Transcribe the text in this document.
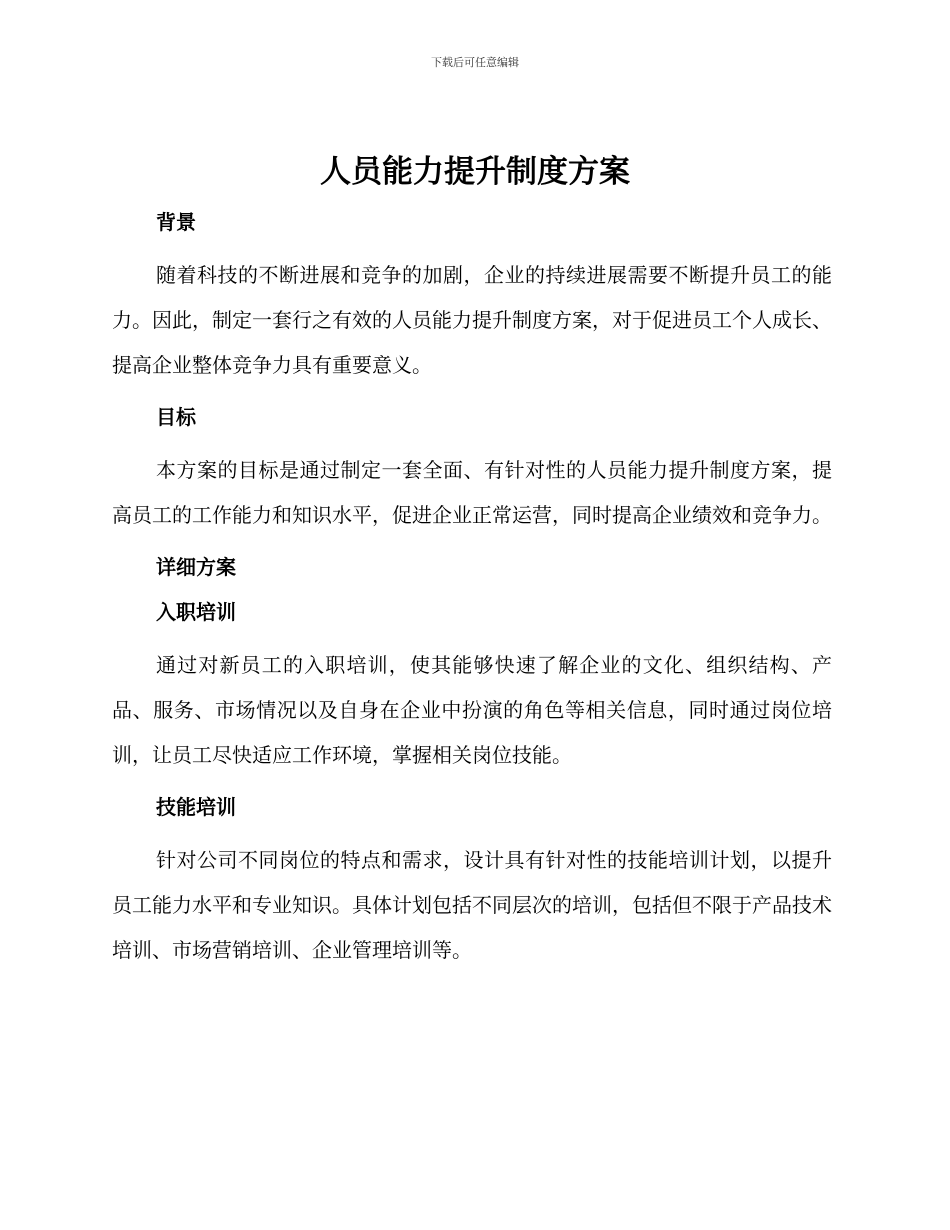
下载后可任意编辑
人员能力提升制度方案
背景
随着科技的不断进展和竞争的加剧，企业的持续进展需要不断提升员工的能力。因此，制定一套行之有效的人员能力提升制度方案，对于促进员工个人成长、提高企业整体竞争力具有重要意义。
目标
本方案的目标是通过制定一套全面、有针对性的人员能力提升制度方案，提高员工的工作能力和知识水平，促进企业正常运营，同时提高企业绩效和竞争力。
详细方案
入职培训
通过对新员工的入职培训，使其能够快速了解企业的文化、组织结构、产品、服务、市场情况以及自身在企业中扮演的角色等相关信息，同时通过岗位培训，让员工尽快适应工作环境，掌握相关岗位技能。
技能培训
针对公司不同岗位的特点和需求，设计具有针对性的技能培训计划，以提升员工能力水平和专业知识。具体计划包括不同层次的培训，包括但不限于产品技术培训、市场营销培训、企业管理培训等。
